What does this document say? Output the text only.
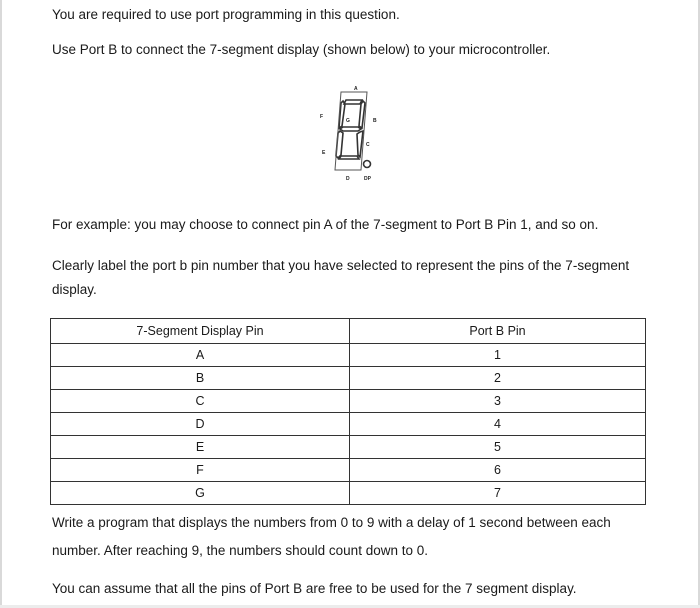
You are required to use port programming in this question.
Use Port B to connect the 7-segment display (shown below) to your microcontroller.
A
B
C
D
E
F
G
DP
For example: you may choose to connect pin A of the 7-segment to Port B Pin 1, and so on.
Clearly label the port b pin number that you have selected to represent the pins of the 7-segment display.
7-Segment Display Pin	Port B Pin
A	1
B	2
C	3
D	4
E	5
F	6
G	7
Write a program that displays the numbers from 0 to 9 with a delay of 1 second between each number. After reaching 9, the numbers should count down to 0.
You can assume that all the pins of Port B are free to be used for the 7 segment display.
